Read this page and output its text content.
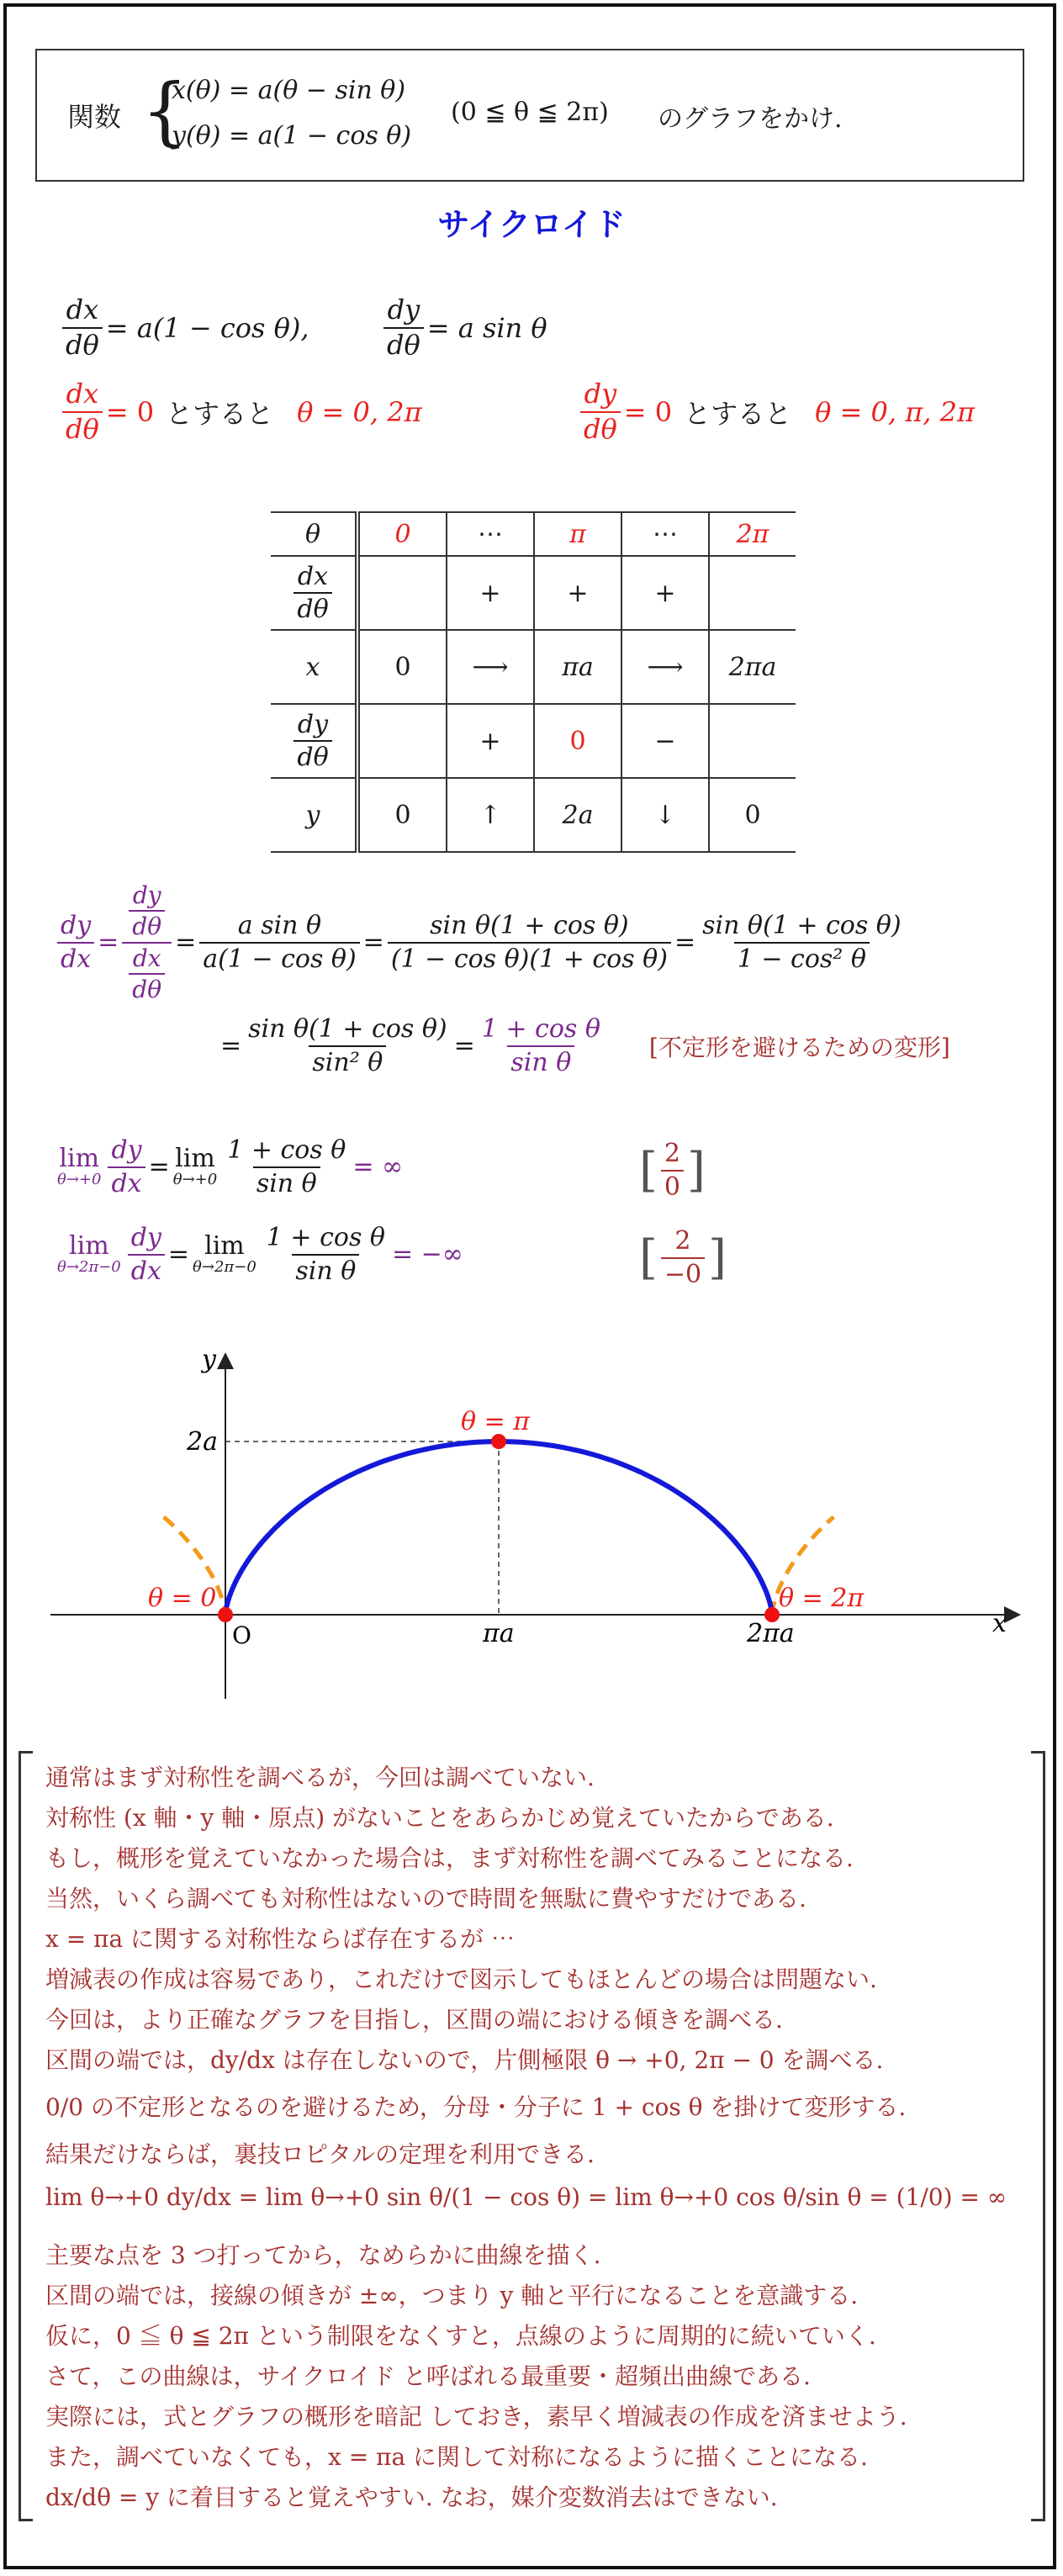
関数 {
x(θ) = a(θ − sin θ)
y(θ) = a(1 − cos θ)
(0 ≦ θ ≦ 2π) のグラフをかけ.
サイクロイド
$\frac{dx}{d\theta} = a(1 - \cos \theta)$,	$\frac{dy}{d\theta} = a$ sin θ
$\frac{dx}{d\theta} = 0$ とすると θ = 0, 2π	$\frac{dy}{d\theta} = 0$ とすると θ = 0, π, 2π
θ	0	⋯	π	⋯	2π

$\frac{dx}{d\theta}$		+	+	+	
x	0	⟶	πa	⟶	2πa

$\frac{dy}{d\theta}$		+	0	−	
y	0	↑	2a	↓	0
$\frac{dy}{dx} = \frac{\frac{dy}{d\theta}}{\frac{dx}{d\theta}} = \frac{\text{a sin θ}}{\text{a(1 − cos θ)}} = \frac{\text{sin θ(1 + cos θ)}}{\text{(1 − cos θ)(1 + cos θ)}} = \frac{\text{sin θ(1 + cos θ)}}{\text{1 − cos² θ}}$
= $\frac{\text{sin θ(1 + cos θ)}}{\text{sin² θ}} = \frac{\text{1 + cos θ}}{\text{sin θ}}$ [不定形を避けるための変形]
lim
$\theta\to+0 \frac{dy}{dx} = \lim$
$\theta\to+0 \frac{\text{1 + cos θ}}{\text{sin θ}}$ = ∞	[ $\frac{2}{0}$ ]
lim
$\theta\to 2\pi-0 \frac{dy}{dx} = \lim$
$\theta\to 2\pi-0 \frac{\text{1 + cos θ}}{\text{sin θ}}$ = −∞	[ $\frac{2}{-0}$ ]
x
y
O
2a
πa	2πa
θ = 0
θ = π
θ = 2π
通常はまず対称性を調べるが，今回は調べていない.
対称性 (x 軸・y 軸・原点) がないことをあらかじめ覚えていたからである.
もし，概形を覚えていなかった場合は，まず対称性を調べてみることになる.
当然，いくら調べても対称性はないので時間を無駄に費やすだけである.
x = πa に関する対称性ならば存在するが ⋯
増減表の作成は容易であり，これだけで図示してもほとんどの場合は問題ない.
今回は，より正確なグラフを目指し，区間の端における傾きを調べる.
区間の端では，dy/dx は存在しないので，片側極限 θ → +0, 2π − 0 を調べる.
0/0 の不定形となるのを避けるため，分母・分子に 1 + cos θ を掛けて変形する.
結果だけならば，裏技ロピタルの定理を利用できる.
lim θ→+0 dy/dx = lim θ→+0 sin θ/(1 − cos θ) = lim θ→+0 cos θ/sin θ = (1/0) = ∞
主要な点を 3 つ打ってから，なめらかに曲線を描く.
区間の端では，接線の傾きが ±∞，つまり y 軸と平行になることを意識する.
仮に，0 ≦ θ ≦ 2π という制限をなくすと，点線のように周期的に続いていく.
さて，この曲線は，サイクロイド と呼ばれる最重要・超頻出曲線である.
実際には，式とグラフの概形を暗記 しておき，素早く増減表の作成を済ませよう.
また，調べていなくても，x = πa に関して対称になるように描くことになる.
dx/dθ = y に着目すると覚えやすい. なお，媒介変数消去はできない.
